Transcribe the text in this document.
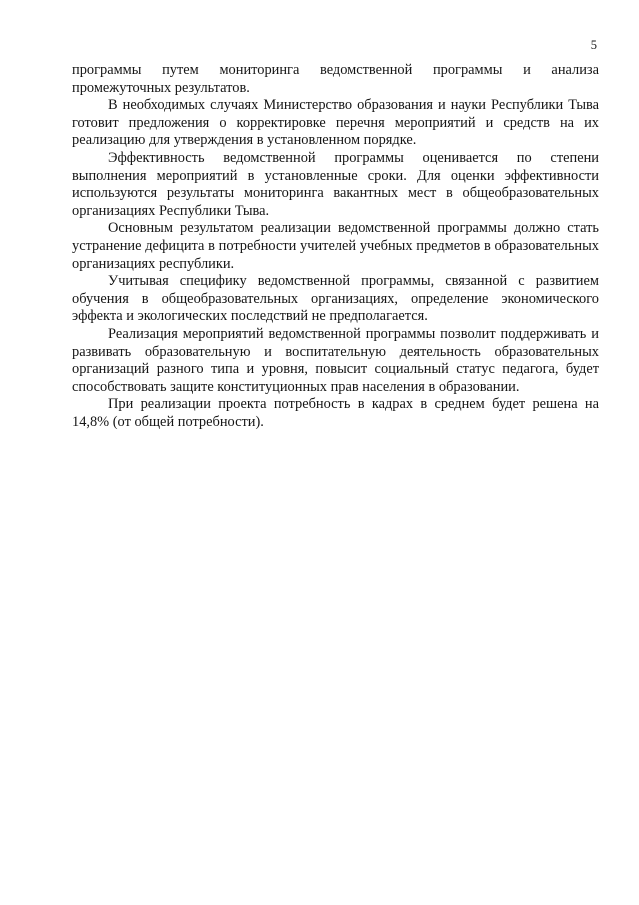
5

программы путем мониторинга ведомственной программы и анализа промежуточных результатов.

В необходимых случаях Министерство образования и науки Республики Тыва готовит предложения о корректировке перечня мероприятий и средств на их реализацию для утверждения в установленном порядке.

Эффективность ведомственной программы оценивается по степени выполнения мероприятий в установленные сроки. Для оценки эффективности используются результаты мониторинга вакантных мест в общеобразовательных организациях Республики Тыва.

Основным результатом реализации ведомственной программы должно стать устранение дефицита в потребности учителей учебных предметов в образовательных организациях республики.

Учитывая специфику ведомственной программы, связанной с развитием обучения в общеобразовательных организациях, определение экономического эффекта и экологических последствий не предполагается.

Реализация мероприятий ведомственной программы позволит поддерживать и развивать образовательную и воспитательную деятельность образовательных организаций разного типа и уровня, повысит социальный статус педагога, будет способствовать защите конституционных прав населения в образовании.

При реализации проекта потребность в кадрах в среднем будет решена на 14,8% (от общей потребности).
